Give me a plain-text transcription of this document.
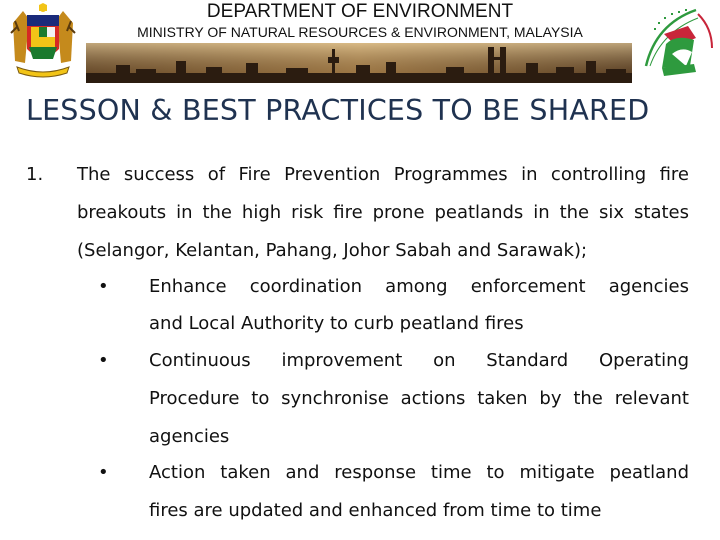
DEPARTMENT OF ENVIRONMENT
MINISTRY OF NATURAL RESOURCES & ENVIRONMENT, MALAYSIA
LESSON & BEST PRACTICES TO BE SHARED
1. The success of Fire Prevention Programmes in controlling fire
breakouts in the high risk fire prone peatlands in the six states
(Selangor, Kelantan, Pahang, Johor Sabah and Sarawak);
• Enhance coordination among enforcement agencies
and Local Authority to curb peatland fires
• Continuous improvement on Standard Operating
Procedure to synchronise actions taken by the relevant
agencies
• Action taken and response time to mitigate peatland
fires are updated and enhanced from time to time
